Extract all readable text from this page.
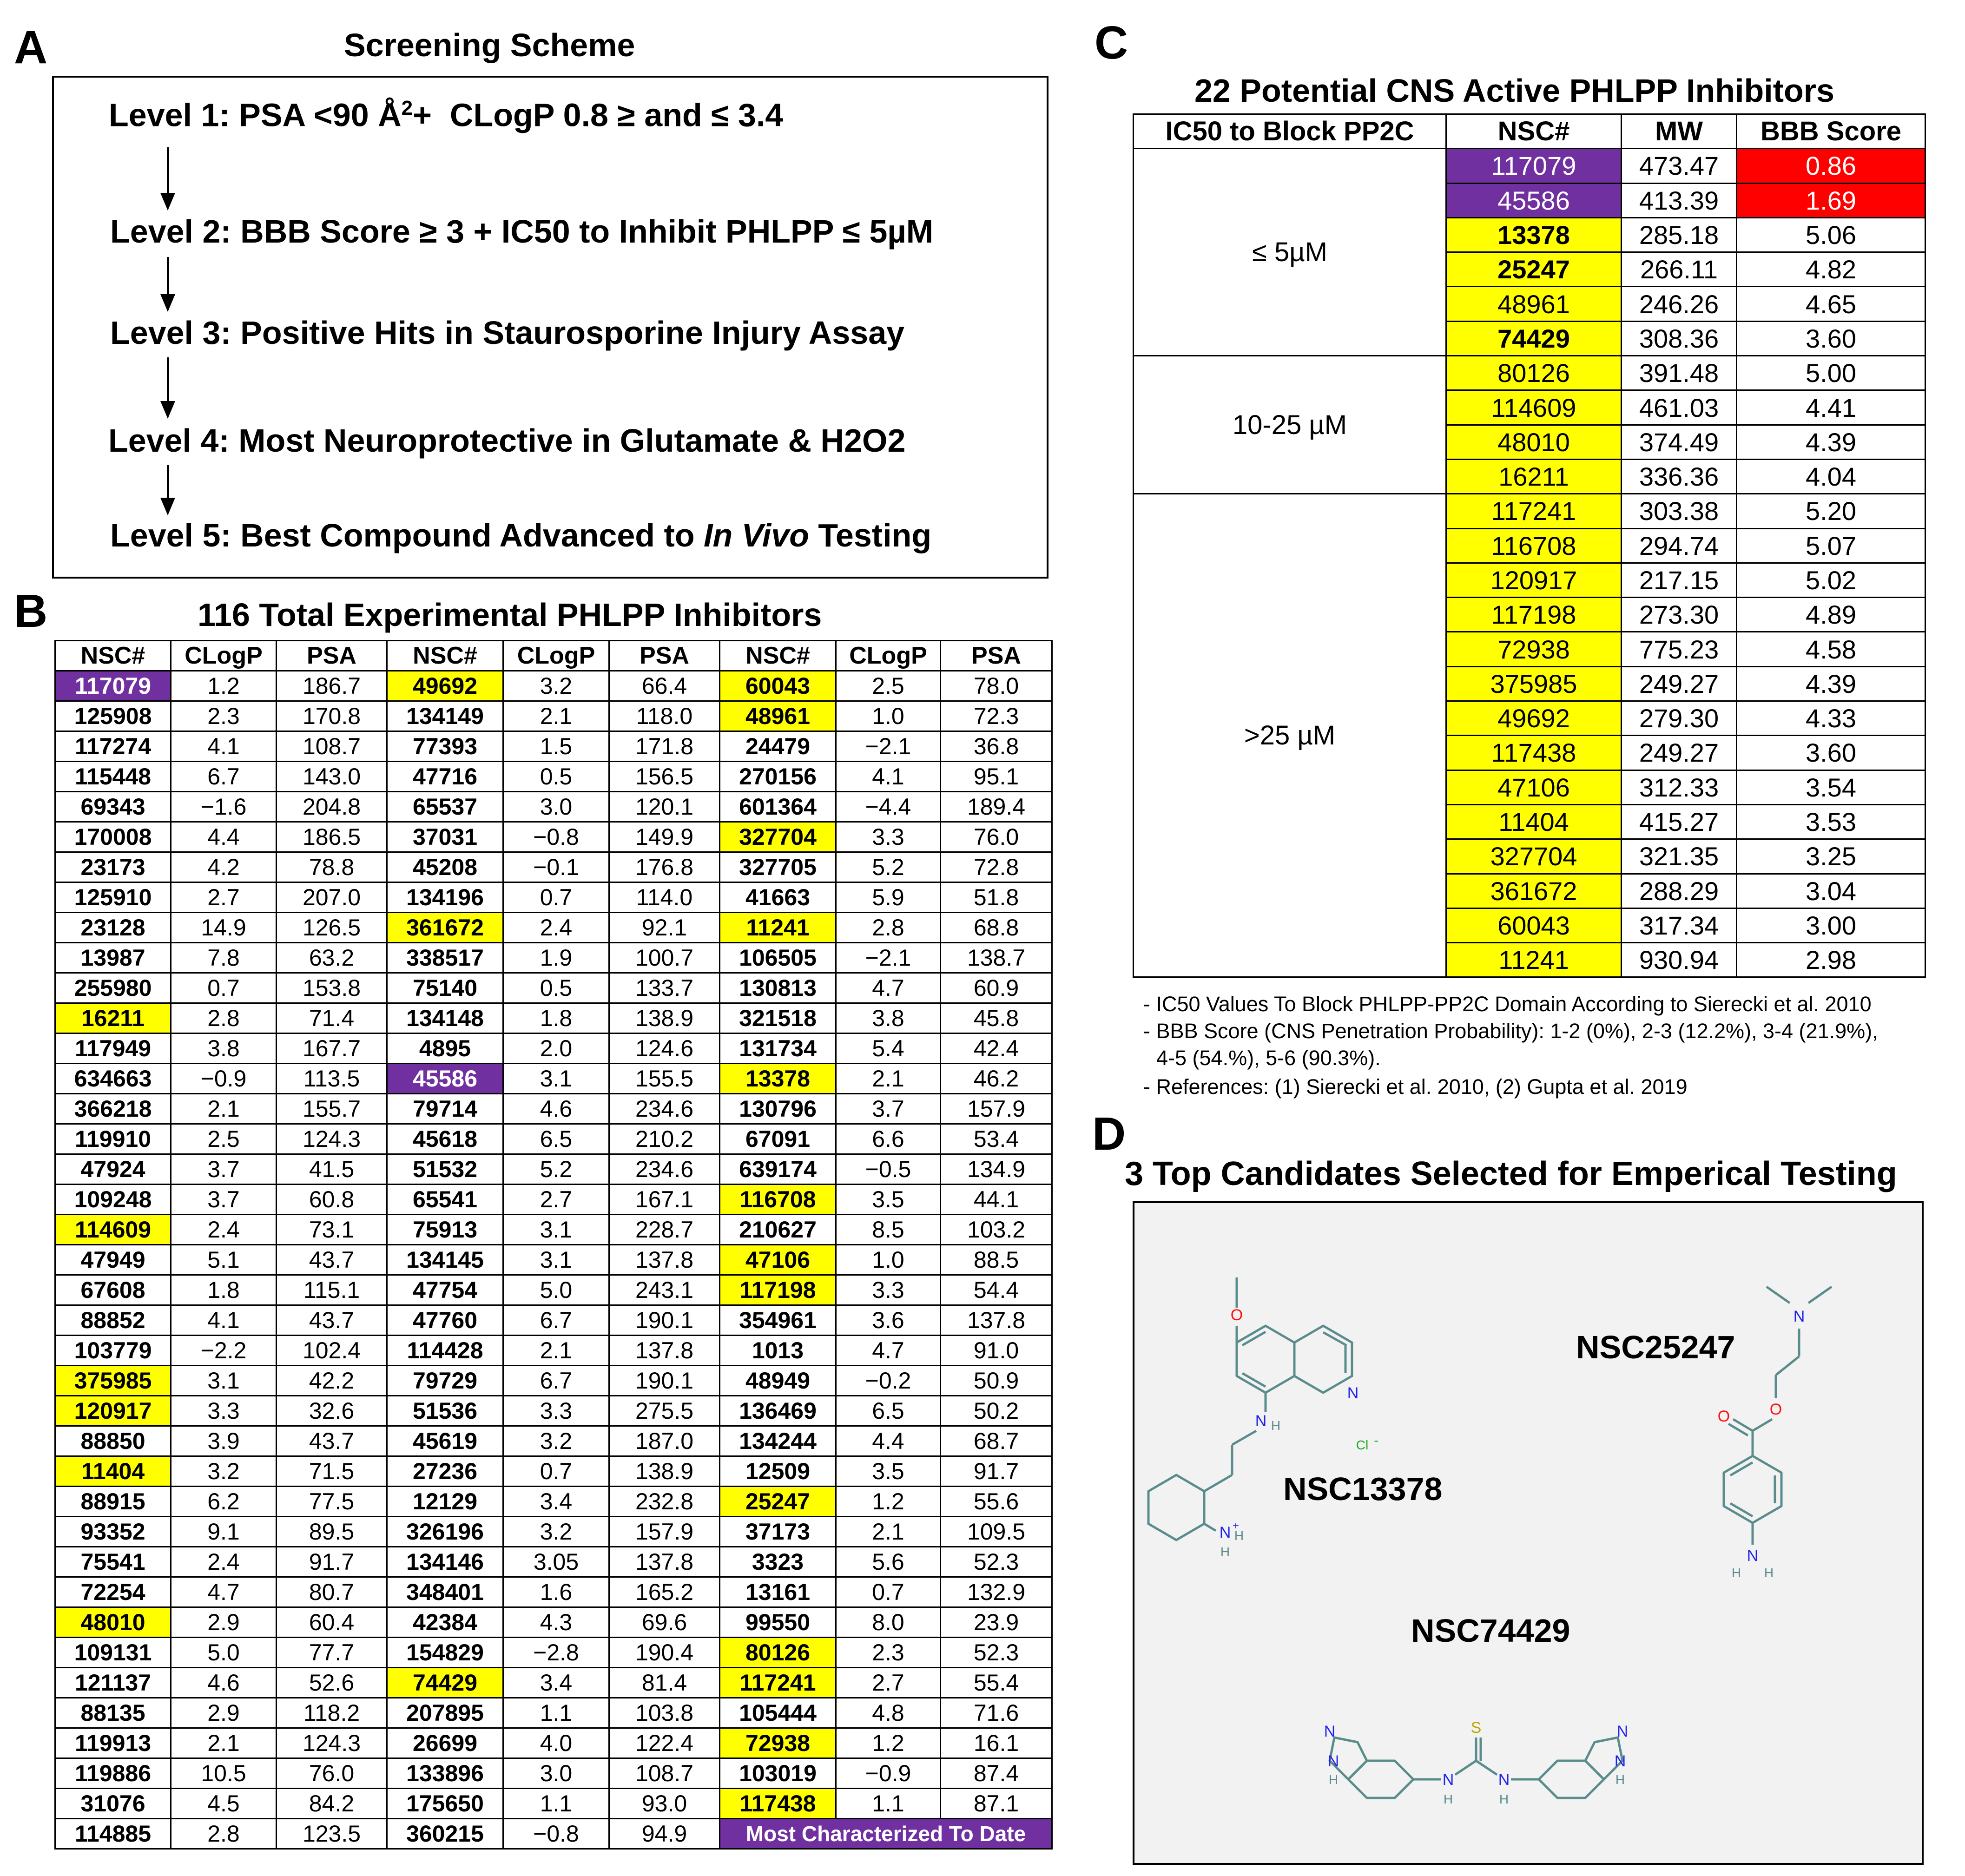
A	Screening Scheme
Level 1: PSA <90 $Å^2+$  CLogP 0.8 ≥ and ≤ 3.4
Level 2: BBB Score ≥ 3 + IC50 to Inhibit PHLPP ≤ 5µM
Level 3: Positive Hits in Staurosporine Injury Assay
Level 4: Most Neuroprotective in Glutamate & H2O2
Level 5: Best Compound Advanced to In Vivo Testing
B	116 Total Experimental PHLPP Inhibitors
NSC#	CLogP	PSA	NSC#	CLogP	PSA	NSC#	CLogP	PSA
117079	1.2	186.7	49692	3.2	66.4	60043	2.5	78.0
125908	2.3	170.8	134149	2.1	118.0	48961	1.0	72.3
117274	4.1	108.7	77393	1.5	171.8	24479	−2.1	36.8
115448	6.7	143.0	47716	0.5	156.5	270156	4.1	95.1
69343	−1.6	204.8	65537	3.0	120.1	601364	−4.4	189.4
170008	4.4	186.5	37031	−0.8	149.9	327704	3.3	76.0
23173	4.2	78.8	45208	−0.1	176.8	327705	5.2	72.8
125910	2.7	207.0	134196	0.7	114.0	41663	5.9	51.8
23128	14.9	126.5	361672	2.4	92.1	11241	2.8	68.8
13987	7.8	63.2	338517	1.9	100.7	106505	−2.1	138.7
255980	0.7	153.8	75140	0.5	133.7	130813	4.7	60.9
16211	2.8	71.4	134148	1.8	138.9	321518	3.8	45.8
117949	3.8	167.7	4895	2.0	124.6	131734	5.4	42.4
634663	−0.9	113.5	45586	3.1	155.5	13378	2.1	46.2
366218	2.1	155.7	79714	4.6	234.6	130796	3.7	157.9
119910	2.5	124.3	45618	6.5	210.2	67091	6.6	53.4
47924	3.7	41.5	51532	5.2	234.6	639174	−0.5	134.9
109248	3.7	60.8	65541	2.7	167.1	116708	3.5	44.1
114609	2.4	73.1	75913	3.1	228.7	210627	8.5	103.2
47949	5.1	43.7	134145	3.1	137.8	47106	1.0	88.5
67608	1.8	115.1	47754	5.0	243.1	117198	3.3	54.4
88852	4.1	43.7	47760	6.7	190.1	354961	3.6	137.8
103779	−2.2	102.4	114428	2.1	137.8	1013	4.7	91.0
375985	3.1	42.2	79729	6.7	190.1	48949	−0.2	50.9
120917	3.3	32.6	51536	3.3	275.5	136469	6.5	50.2
88850	3.9	43.7	45619	3.2	187.0	134244	4.4	68.7
11404	3.2	71.5	27236	0.7	138.9	12509	3.5	91.7
88915	6.2	77.5	12129	3.4	232.8	25247	1.2	55.6
93352	9.1	89.5	326196	3.2	157.9	37173	2.1	109.5
75541	2.4	91.7	134146	3.05	137.8	3323	5.6	52.3
72254	4.7	80.7	348401	1.6	165.2	13161	0.7	132.9
48010	2.9	60.4	42384	4.3	69.6	99550	8.0	23.9
109131	5.0	77.7	154829	−2.8	190.4	80126	2.3	52.3
121137	4.6	52.6	74429	3.4	81.4	117241	2.7	55.4
88135	2.9	118.2	207895	1.1	103.8	105444	4.8	71.6
119913	2.1	124.3	26699	4.0	122.4	72938	1.2	16.1
119886	10.5	76.0	133896	3.0	108.7	103019	−0.9	87.4
31076	4.5	84.2	175650	1.1	93.0	117438	1.1	87.1
114885	2.8	123.5	360215	−0.8	94.9	Most Characterized To Date		
C
22 Potential CNS Active PHLPP Inhibitors
IC50 to Block PP2C	NSC#	MW	BBB Score
≤ 5µM	117079	473.47	0.86
	45586	413.39	1.69
	13378	285.18	5.06
	25247	266.11	4.82
	48961	246.26	4.65
	74429	308.36	3.60
10-25 µM	80126	391.48	5.00
	114609	461.03	4.41
	48010	374.49	4.39
	16211	336.36	4.04
>25 µM	117241	303.38	5.20
	116708	294.74	5.07
	120917	217.15	5.02
	117198	273.30	4.89
	72938	775.23	4.58
	375985	249.27	4.39
	49692	279.30	4.33
	117438	249.27	3.60
	47106	312.33	3.54
	11404	415.27	3.53
	327704	321.35	3.25
	361672	288.29	3.04
	60043	317.34	3.00
	11241	930.94	2.98
- IC50 Values To Block PHLPP-PP2C Domain According to Sierecki et al. 2010
- BBB Score (CNS Penetration Probability): 1-2 (0%), 2-3 (12.2%), 3-4 (21.9%),
4-5 (54.%), 5-6 (90.3%).
- References: (1) Sierecki et al. 2010, (2) Gupta et al. 2019
D
3 Top Candidates Selected for Emperical Testing
NSC13378
NSC25247
NSC74429
O
N
N H
Cl -
N +
H
H
O
O
N
N
H H
S
N
H
N
H
N
N
H
N
N
H
